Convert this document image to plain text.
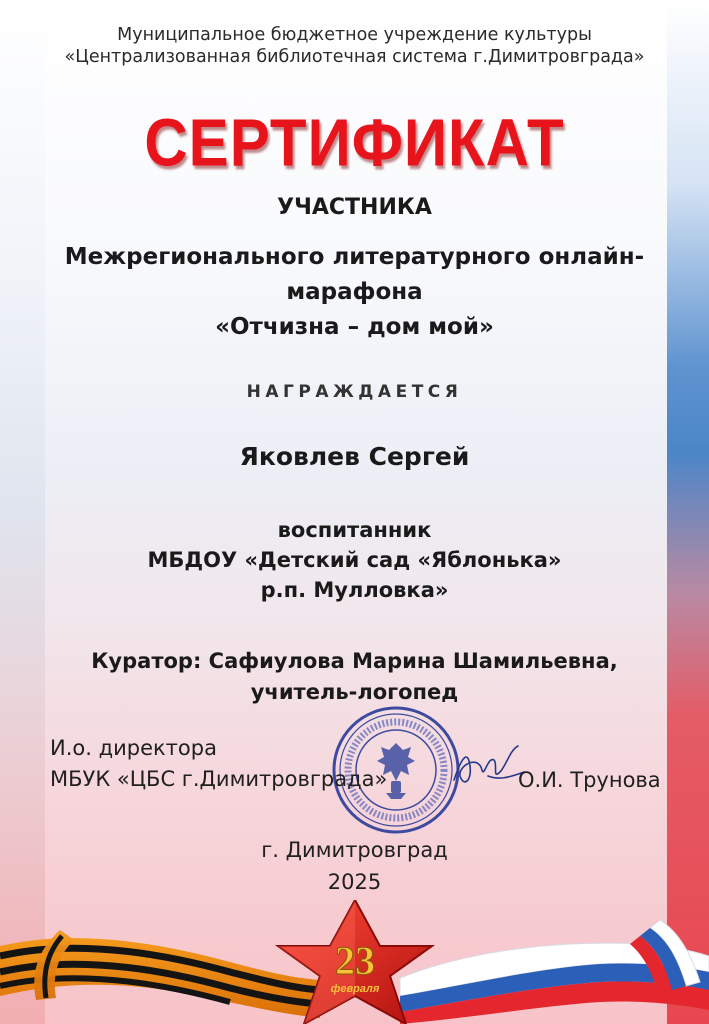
Муниципальное бюджетное учреждение культуры
«Централизованная библиотечная система г.Димитровграда»
СЕРТИФИКАТ
УЧАСТНИКА
Межрегионального литературного онлайн-
марафона
«Отчизна – дом мой»
НАГРАЖДАЕТСЯ
Яковлев Сергей
воспитанник
МБДОУ «Детский сад «Яблонька»
р.п. Мулловка»
Куратор: Сафиулова Марина Шамильевна,
учитель-логопед
И.о. директора
МБУК «ЦБС г.Димитровграда»	О.И. Трунова
г. Димитровград
2025
23
февраля
